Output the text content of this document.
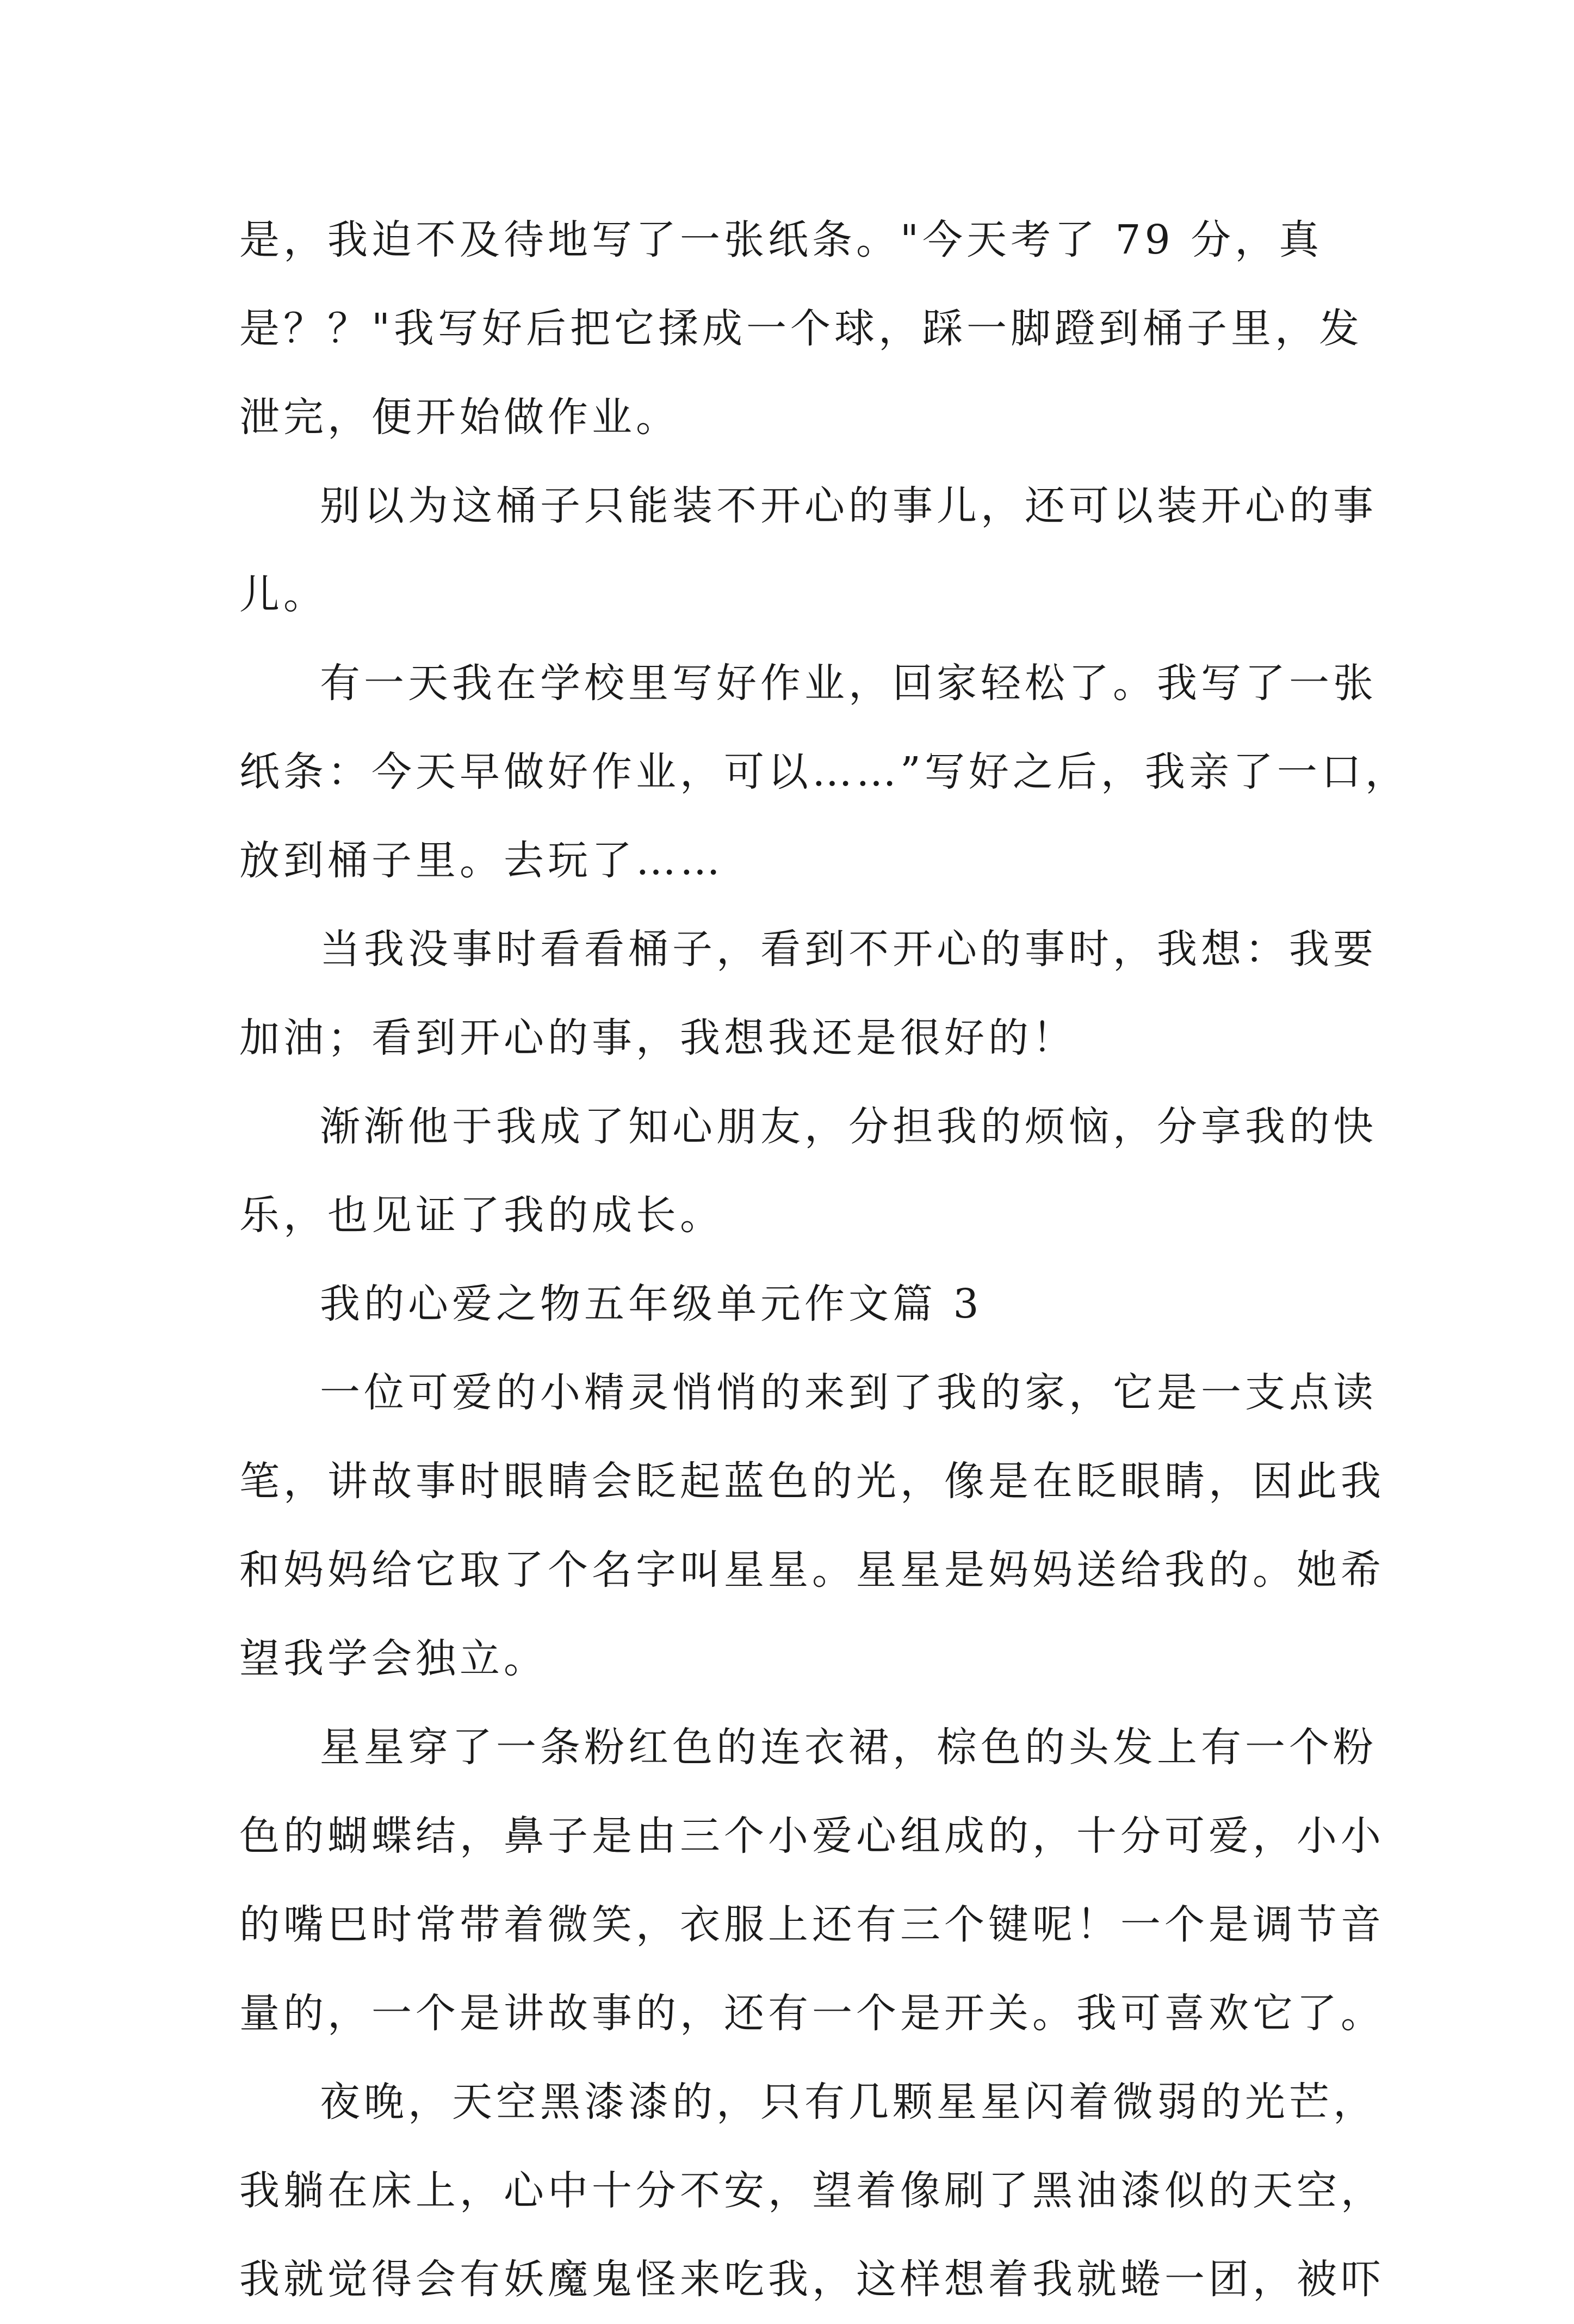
是，我迫不及待地写了一张纸条。"今天考了 79 分，真
是？？"我写好后把它揉成一个球，踩一脚蹬到桶子里，发
泄完，便开始做作业。

别以为这桶子只能装不开心的事儿，还可以装开心的事
儿。

有一天我在学校里写好作业，回家轻松了。我写了一张
纸条：今天早做好作业，可以……”写好之后，我亲了一口，
放到桶子里。去玩了……

当我没事时看看桶子，看到不开心的事时，我想：我要
加油；看到开心的事，我想我还是很好的！

渐渐他于我成了知心朋友，分担我的烦恼，分享我的快
乐，也见证了我的成长。

我的心爱之物五年级单元作文篇 3

一位可爱的小精灵悄悄的来到了我的家，它是一支点读
笔，讲故事时眼睛会眨起蓝色的光，像是在眨眼睛，因此我
和妈妈给它取了个名字叫星星。星星是妈妈送给我的。她希
望我学会独立。

星星穿了一条粉红色的连衣裙，棕色的头发上有一个粉
色的蝴蝶结，鼻子是由三个小爱心组成的，十分可爱，小小
的嘴巴时常带着微笑，衣服上还有三个键呢！一个是调节音
量的，一个是讲故事的，还有一个是开关。我可喜欢它了。

夜晚，天空黑漆漆的，只有几颗星星闪着微弱的光芒，
我躺在床上，心中十分不安，望着像刷了黑油漆似的天空，
我就觉得会有妖魔鬼怪来吃我，这样想着我就蜷一团，被吓
